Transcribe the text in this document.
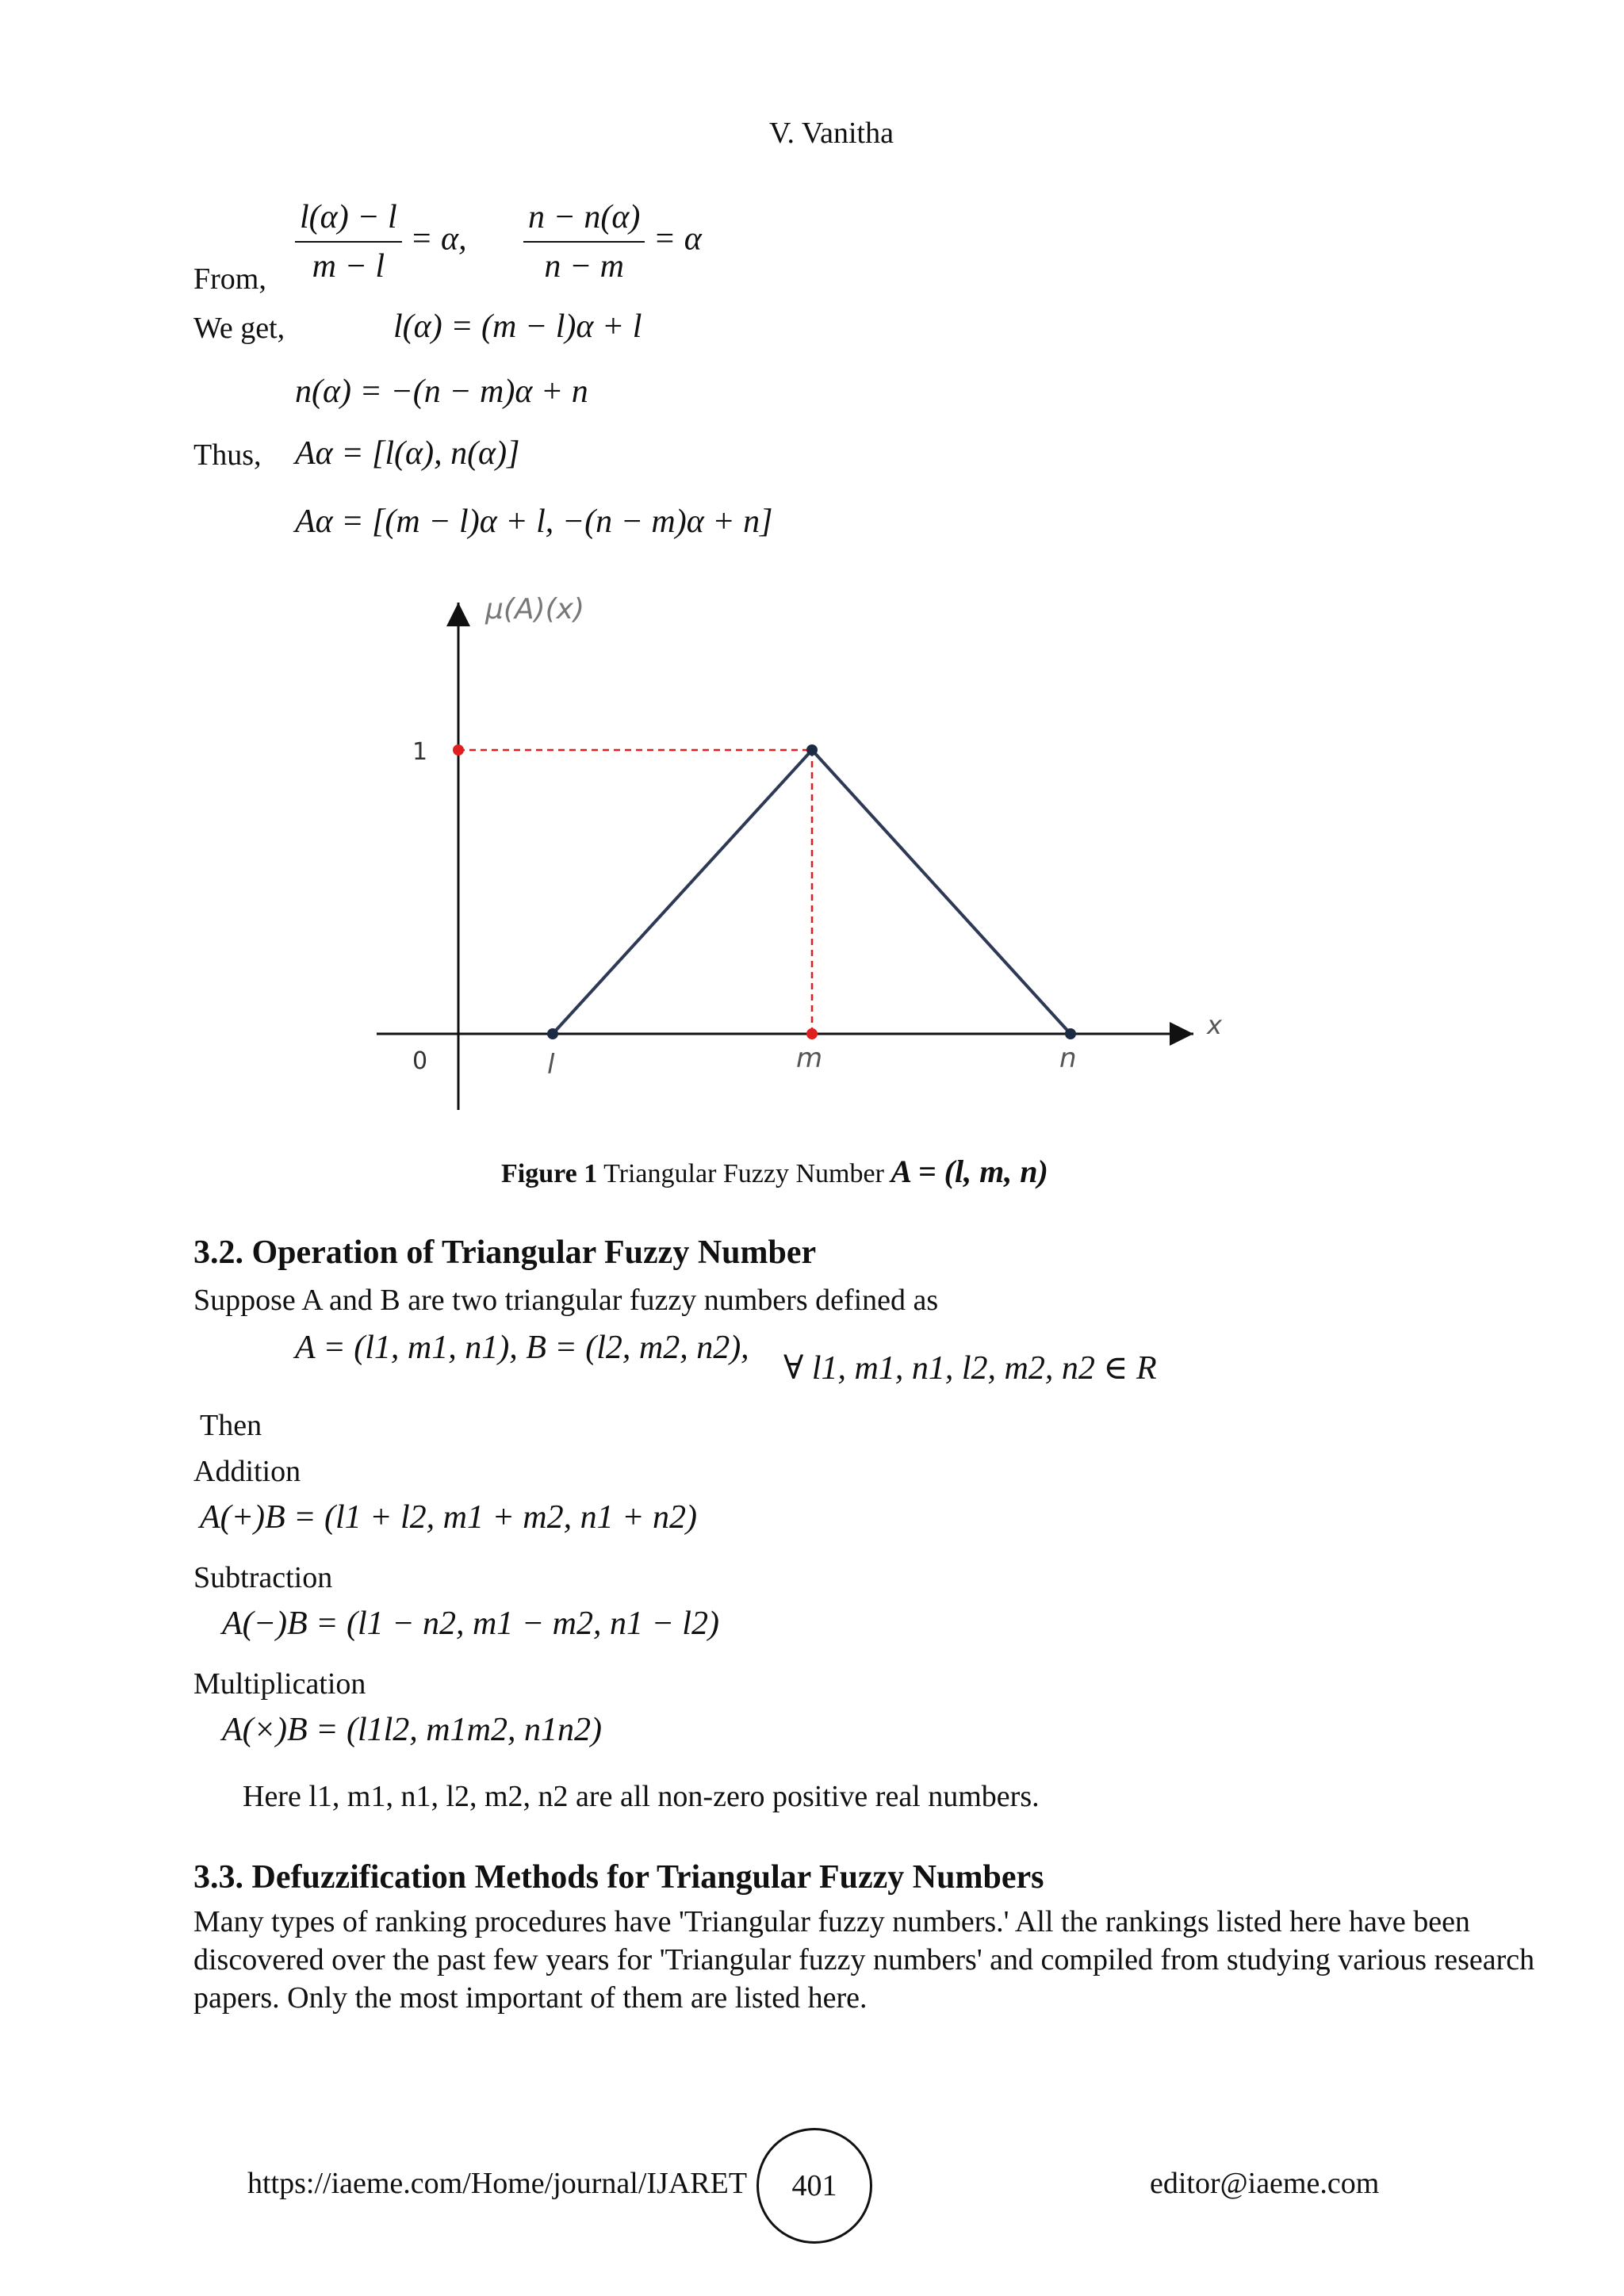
V. Vanitha
From, $\frac{l(\alpha) - l}{m - l} = \alpha$, $\frac{n - n(\alpha)}{n - m} = \alpha$
We get,	l(α) = (m − l)α + l
n(α) = −(n − m)α + n
Thus, Aα = [l(α), n(α)]
Aα = [(m − l)α + l, −(n − m)α + n]
μ(A)(x)
x
1
0	l	m	n
Figure 1 Triangular Fuzzy Number A = (l, m, n)
3.2. Operation of Triangular Fuzzy Number
Suppose A and B are two triangular fuzzy numbers defined as
A = (l1, m1, n1), B = (l2, m2, n2),
∀ l1, m1, n1, l2, m2, n2 ∈ R
Then
Addition
A(+)B = (l1 + l2, m1 + m2, n1 + n2)
Subtraction
A(−)B = (l1 − n2, m1 − m2, n1 − l2)
Multiplication
A(×)B = (l1l2, m1m2, n1n2)
Here l1, m1, n1, l2, m2, n2 are all non-zero positive real numbers.
3.3. Defuzzification Methods for Triangular Fuzzy Numbers
Many types of ranking procedures have 'Triangular fuzzy numbers.' All the rankings listed here have been discovered over the past few years for 'Triangular fuzzy numbers' and compiled from studying various research papers. Only the most important of them are listed here.
https://iaeme.com/Home/journal/IJARET 401	editor@iaeme.com
